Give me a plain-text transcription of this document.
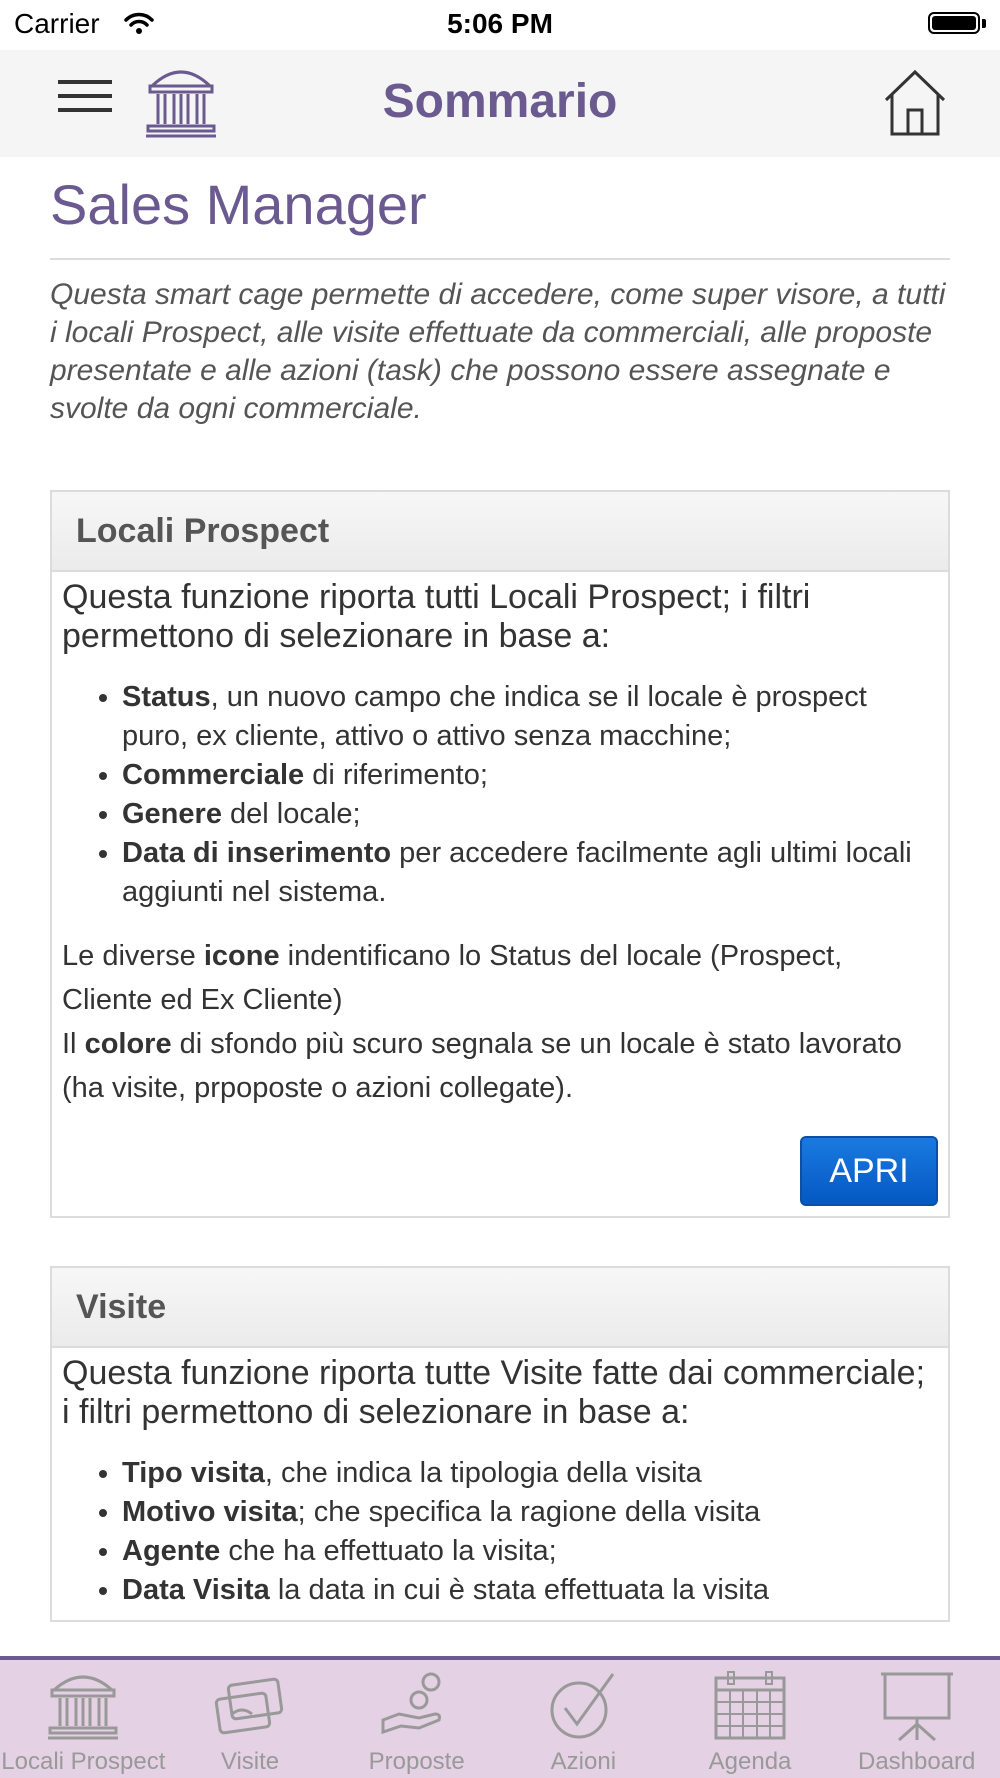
Carrier	5:06 PM
Sommario
Sales Manager

Questa smart cage permette di accedere, come super visore, a tutti i locali Prospect, alle visite effettuate da commerciali, alle proposte presentate e alle azioni (task) che possono essere assegnate e svolte da ogni commerciale.

Locali Prospect

Questa funzione riporta tutti Locali Prospect; i filtri permettono di selezionare in base a:

• Status, un nuovo campo che indica se il locale è prospect puro, ex cliente, attivo o attivo senza macchine;
• Commerciale di riferimento;
• Genere del locale;
• Data di inserimento per accedere facilmente agli ultimi locali aggiunti nel sistema.

Le diverse icone indentificano lo Status del locale (Prospect, Cliente ed Ex Cliente)
Il colore di sfondo più scuro segnala se un locale è stato lavorato (ha visite, prpoposte o azioni collegate).

APRI
Visite

Questa funzione riporta tutte Visite fatte dai commerciale; i filtri permettono di selezionare in base a:

• Tipo visita, che indica la tipologia della visita
• Motivo visita; che specifica la ragione della visita
• Agente che ha effettuato la visita;
• Data Visita la data in cui è stata effettuata la visita
Locali Prospect	Visite	Proposte	Azioni	Agenda	Dashboard
